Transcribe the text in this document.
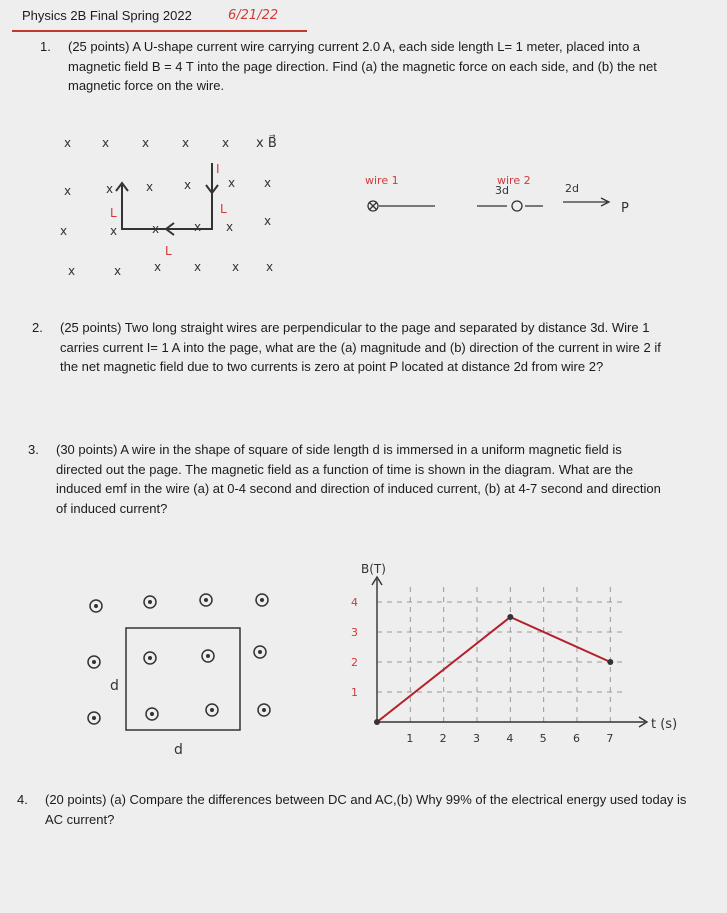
Physics 2B Final Spring 2022	6/21/22
1. (25 points) A U-shape current wire carrying current 2.0 A, each side length L= 1 meter, placed into a magnetic field B = 4 T into the page direction. Find (a) the magnetic force on each side, and (b) the net magnetic force on the wire.
x	x	x	x	x
x	x	x	x	x x
x	x	x	x x	x
x	x	x	x	x x
x B⃗
I
L
L
L
wire 1
3d
wire 2
2d
P
2. (25 points) Two long straight wires are perpendicular to the page and separated by distance 3d. Wire 1 carries current I= 1 A into the page, what are the (a) magnitude and (b) direction of the current in wire 2 if the net magnetic field due to two currents is zero at point P located at distance 2d from wire 2?
3. (30 points) A wire in the shape of square of side length d is immersed in a uniform magnetic field is directed out the page. The magnetic field as a function of time is shown in the diagram. What are the induced emf in the wire (a) at 0-4 second and direction of induced current, (b) at 4-7 second and direction of induced current?
d
d
1 2 3 4 5 6 7
1
2
3
4
B(T)
t (s)
4. (20 points) (a) Compare the differences between DC and AC,(b) Why 99% of the electrical energy used today is AC current?
